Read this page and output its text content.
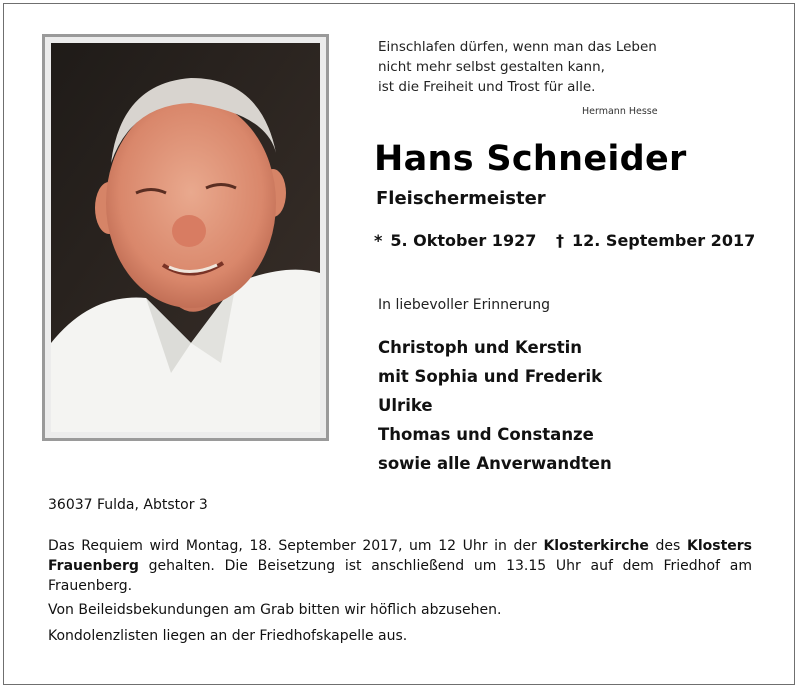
Einschlafen dürfen, wenn man das Leben
nicht mehr selbst gestalten kann,
ist die Freiheit und Trost für alle.
Hermann Hesse
Hans Schneider
Fleischermeister
* 5. Oktober 1927 † 12. September 2017
In liebevoller Erinnerung
Christoph und Kerstin
mit Sophia und Frederik
Ulrike
Thomas und Constanze
sowie alle Anverwandten
36037 Fulda, Abtstor 3
Das Requiem wird Montag, 18. September 2017, um 12 Uhr in der Klosterkirche des Klosters Frauenberg gehalten. Die Beisetzung ist anschließend um 13.15 Uhr auf dem Friedhof am Frauenberg.
Von Beileidsbekundungen am Grab bitten wir höflich abzusehen.
Kondolenzlisten liegen an der Friedhofskapelle aus.
